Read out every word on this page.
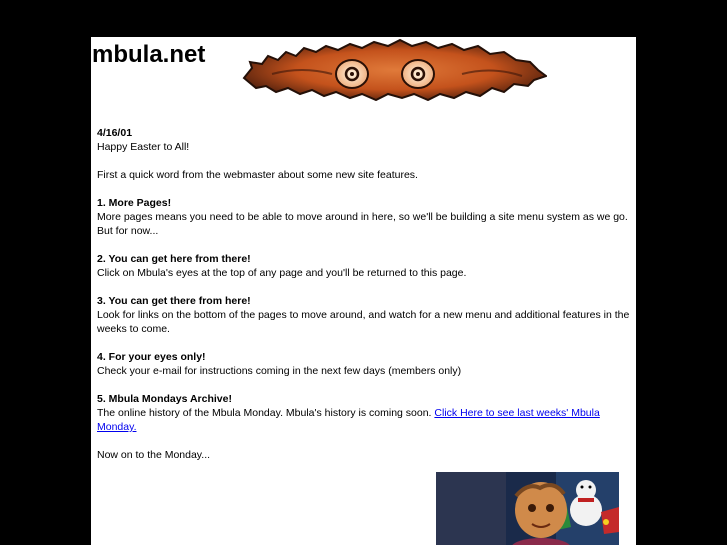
mbula.net

4/16/01
Happy Easter to All!

First a quick word from the webmaster about some new site features.

1. More Pages!
More pages means you need to be able to move around in here, so we'll be building a site menu system as we go. But for now...

2. You can get here from there!
Click on Mbula's eyes at the top of any page and you'll be returned to this page.

3. You can get there from here!
Look for links on the bottom of the pages to move around, and watch for a new menu and additional features in the weeks to come.

4. For your eyes only!
Check your e-mail for instructions coming in the next few days (members only)

5. Mbula Mondays Archive!
The online history of the Mbula Monday. Mbula's history is coming soon. Click Here to see last weeks' Mbula Monday.

Now on to the Monday...
